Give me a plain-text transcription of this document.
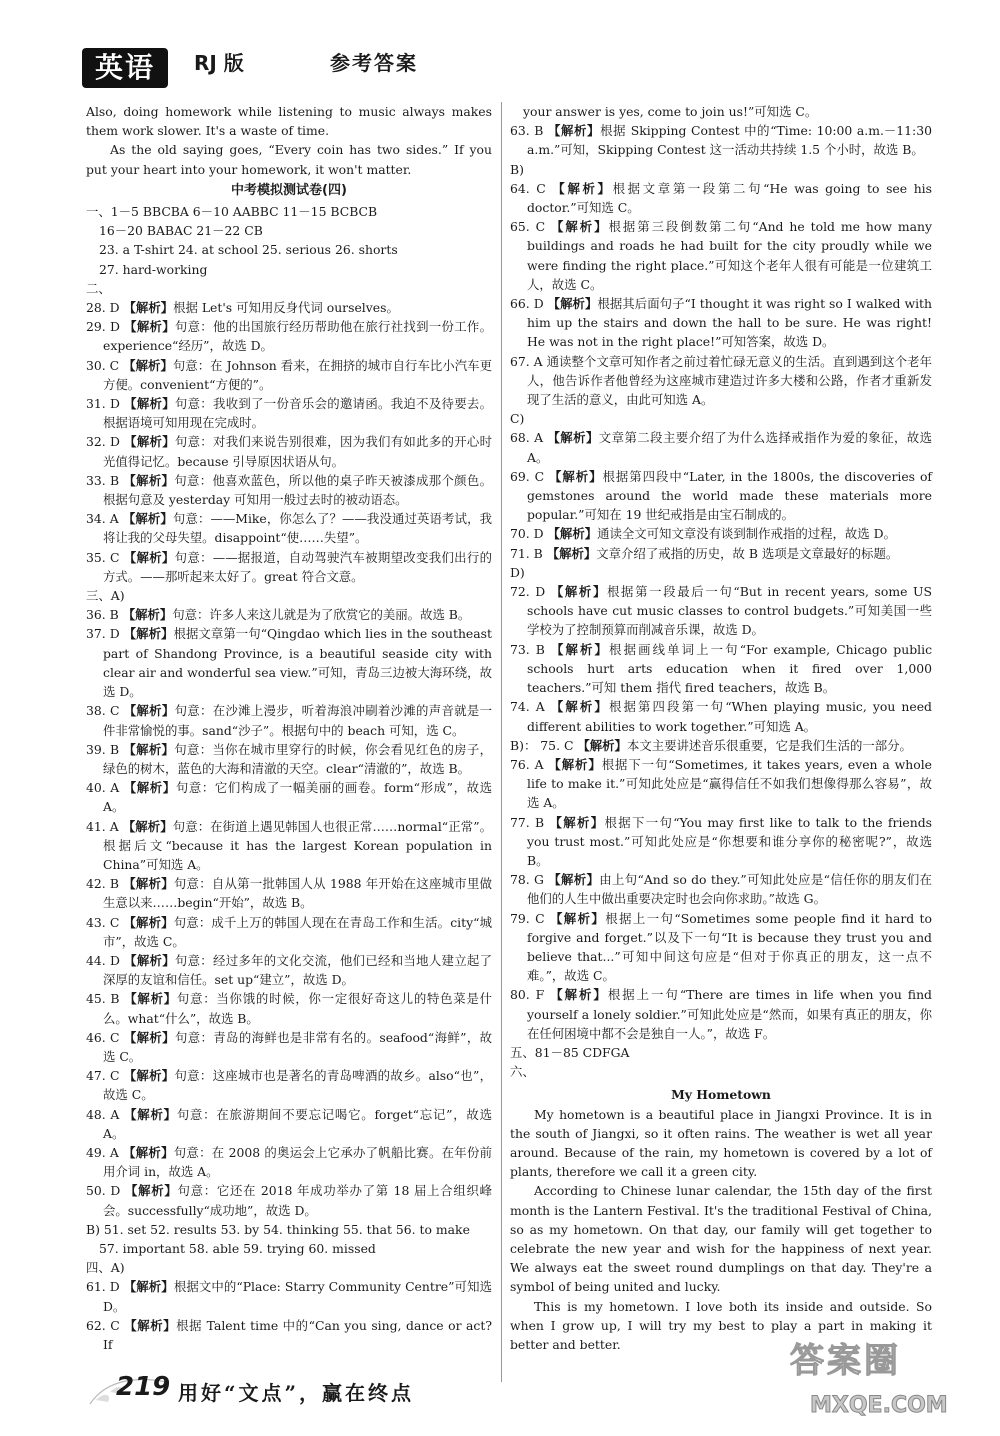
英语	RJ 版	参考答案

Also, doing homework while listening to music always makes them work slower. It's a waste of time.

As the old saying goes, “Every coin has two sides.” If you put your heart into your homework, it won't matter.

中考模拟测试卷(四)

一、1－5 BBCBA 6－10 AABBC 11－15 BCBCB

16－20 BABAC 21－22 CB

23. a T-shirt 24. at school 25. serious 26. shorts

27. hard-working

二、

28. D 【解析】根据 Let's 可知用反身代词 ourselves。

29. D 【解析】句意：他的出国旅行经历帮助他在旅行社找到一份工作。experience“经历”，故选 D。

30. C 【解析】句意：在 Johnson 看来，在拥挤的城市自行车比小汽车更方便。convenient“方便的”。

31. D 【解析】句意：我收到了一份音乐会的邀请函。我迫不及待要去。根据语境可知用现在完成时。

32. D 【解析】句意：对我们来说告别很难，因为我们有如此多的开心时光值得记忆。because 引导原因状语从句。

33. B 【解析】句意：他喜欢蓝色，所以他的桌子昨天被漆成那个颜色。根据句意及 yesterday 可知用一般过去时的被动语态。

34. A 【解析】句意：——Mike，你怎么了？——我没通过英语考试，我将让我的父母失望。disappoint“使……失望”。

35. C 【解析】句意：——据报道，自动驾驶汽车被期望改变我们出行的方式。——那听起来太好了。great 符合文意。

三、A)

36. B 【解析】句意：许多人来这儿就是为了欣赏它的美丽。故选 B。

37. D 【解析】根据文章第一句“Qingdao which lies in the southeast part of Shandong Province, is a beautiful seaside city with clear air and wonderful sea view.”可知，青岛三边被大海环绕，故选 D。

38. C 【解析】句意：在沙滩上漫步，听着海浪冲刷着沙滩的声音就是一件非常愉悦的事。sand“沙子”。根据句中的 beach 可知，选 C。

39. B 【解析】句意：当你在城市里穿行的时候，你会看见红色的房子，绿色的树木，蓝色的大海和清澈的天空。clear“清澈的”，故选 B。

40. A 【解析】句意：它们构成了一幅美丽的画卷。form“形成”，故选 A。

41. A 【解析】句意：在街道上遇见韩国人也很正常……normal“正常”。根据后文“because it has the largest Korean population in China”可知选 A。

42. B 【解析】句意：自从第一批韩国人从 1988 年开始在这座城市里做生意以来……begin“开始”，故选 B。

43. C 【解析】句意：成千上万的韩国人现在在青岛工作和生活。city“城市”，故选 C。

44. D 【解析】句意：经过多年的文化交流，他们已经和当地人建立起了深厚的友谊和信任。set up“建立”，故选 D。

45. B 【解析】句意：当你饿的时候，你一定很好奇这儿的特色菜是什么。what“什么”，故选 B。

46. C 【解析】句意：青岛的海鲜也是非常有名的。seafood“海鲜”，故选 C。

47. C 【解析】句意：这座城市也是著名的青岛啤酒的故乡。also“也”，故选 C。

48. A 【解析】句意：在旅游期间不要忘记喝它。forget“忘记”，故选 A。

49. A 【解析】句意：在 2008 的奥运会上它承办了帆船比赛。在年份前用介词 in，故选 A。

50. D 【解析】句意：它还在 2018 年成功举办了第 18 届上合组织峰会。successfully“成功地”，故选 D。

B) 51. set 52. results 53. by 54. thinking 55. that 56. to make

57. important 58. able 59. trying 60. missed

四、A)

61. D 【解析】根据文中的“Place: Starry Community Centre”可知选 D。

62. C 【解析】根据 Talent time 中的“Can you sing, dance or act? If

your answer is yes, come to join us!”可知选 C。

63. B 【解析】根据 Skipping Contest 中的“Time: 10:00 a.m.－11:30 a.m.”可知，Skipping Contest 这一活动共持续 1.5 个小时，故选 B。

B)

64. C 【解析】根据文章第一段第二句“He was going to see his doctor.”可知选 C。

65. C 【解析】根据第三段倒数第二句“And he told me how many buildings and roads he had built for the city proudly while we were finding the right place.”可知这个老年人很有可能是一位建筑工人，故选 C。

66. D 【解析】根据其后面句子“I thought it was right so I walked with him up the stairs and down the hall to be sure. He was right! He was not in the right place!”可知答案，故选 D。

67. A 通读整个文章可知作者之前过着忙碌无意义的生活。直到遇到这个老年人，他告诉作者他曾经为这座城市建造过许多大楼和公路，作者才重新发现了生活的意义，由此可知选 A。

C)

68. A 【解析】文章第二段主要介绍了为什么选择戒指作为爱的象征，故选 A。

69. C 【解析】根据第四段中“Later, in the 1800s, the discoveries of gemstones around the world made these materials more popular.”可知在 19 世纪戒指是由宝石制成的。

70. D 【解析】通读全文可知文章没有谈到制作戒指的过程，故选 D。

71. B 【解析】文章介绍了戒指的历史，故 B 选项是文章最好的标题。

D)

72. D 【解析】根据第一段最后一句“But in recent years, some US schools have cut music classes to control budgets.”可知美国一些学校为了控制预算而削减音乐课，故选 D。

73. B 【解析】根据画线单词上一句“For example, Chicago public schools hurt arts education when it fired over 1,000 teachers.”可知 them 指代 fired teachers，故选 B。

74. A 【解析】根据第四段第一句“When playing music, you need different abilities to work together.”可知选 A。

B)： 75. C 【解析】本文主要讲述音乐很重要，它是我们生活的一部分。

76. A 【解析】根据下一句“Sometimes, it takes years, even a whole life to make it.”可知此处应是“赢得信任不如我们想像得那么容易”，故选 A。

77. B 【解析】根据下一句“You may first like to talk to the friends you trust most.”可知此处应是“你想要和谁分享你的秘密呢?”，故选 B。

78. G 【解析】由上句“And so do they.”可知此处应是“信任你的朋友们在他们的人生中做出重要决定时也会向你求助。”故选 G。

79. C 【解析】根据上一句“Sometimes some people find it hard to forgive and forget.”以及下一句“It is because they trust you and believe that...”可知中间这句应是“但对于你真正的朋友，这一点不难。”，故选 C。

80. F 【解析】根据上一句“There are times in life when you find yourself a lonely soldier.”可知此处应是“然而，如果有真正的朋友，你在任何困境中都不会是独自一人。”，故选 F。

五、81－85 CDFGA

六、

My Hometown

My hometown is a beautiful place in Jiangxi Province. It is in the south of Jiangxi, so it often rains. The weather is wet all year around. Because of the rain, my hometown is covered by a lot of plants, therefore we call it a green city.

According to Chinese lunar calendar, the 15th day of the first month is the Lantern Festival. It's the traditional Festival of China, so as my hometown. On that day, our family will get together to celebrate the new year and wish for the happiness of next year. We always eat the sweet round dumplings on that day. They're a symbol of being united and lucky.

This is my hometown. I love both its inside and outside. So when I grow up, I will try my best to play a part in making it better and better.

219 用好“文点”，赢在终点
答案圈
MXQE.COM
